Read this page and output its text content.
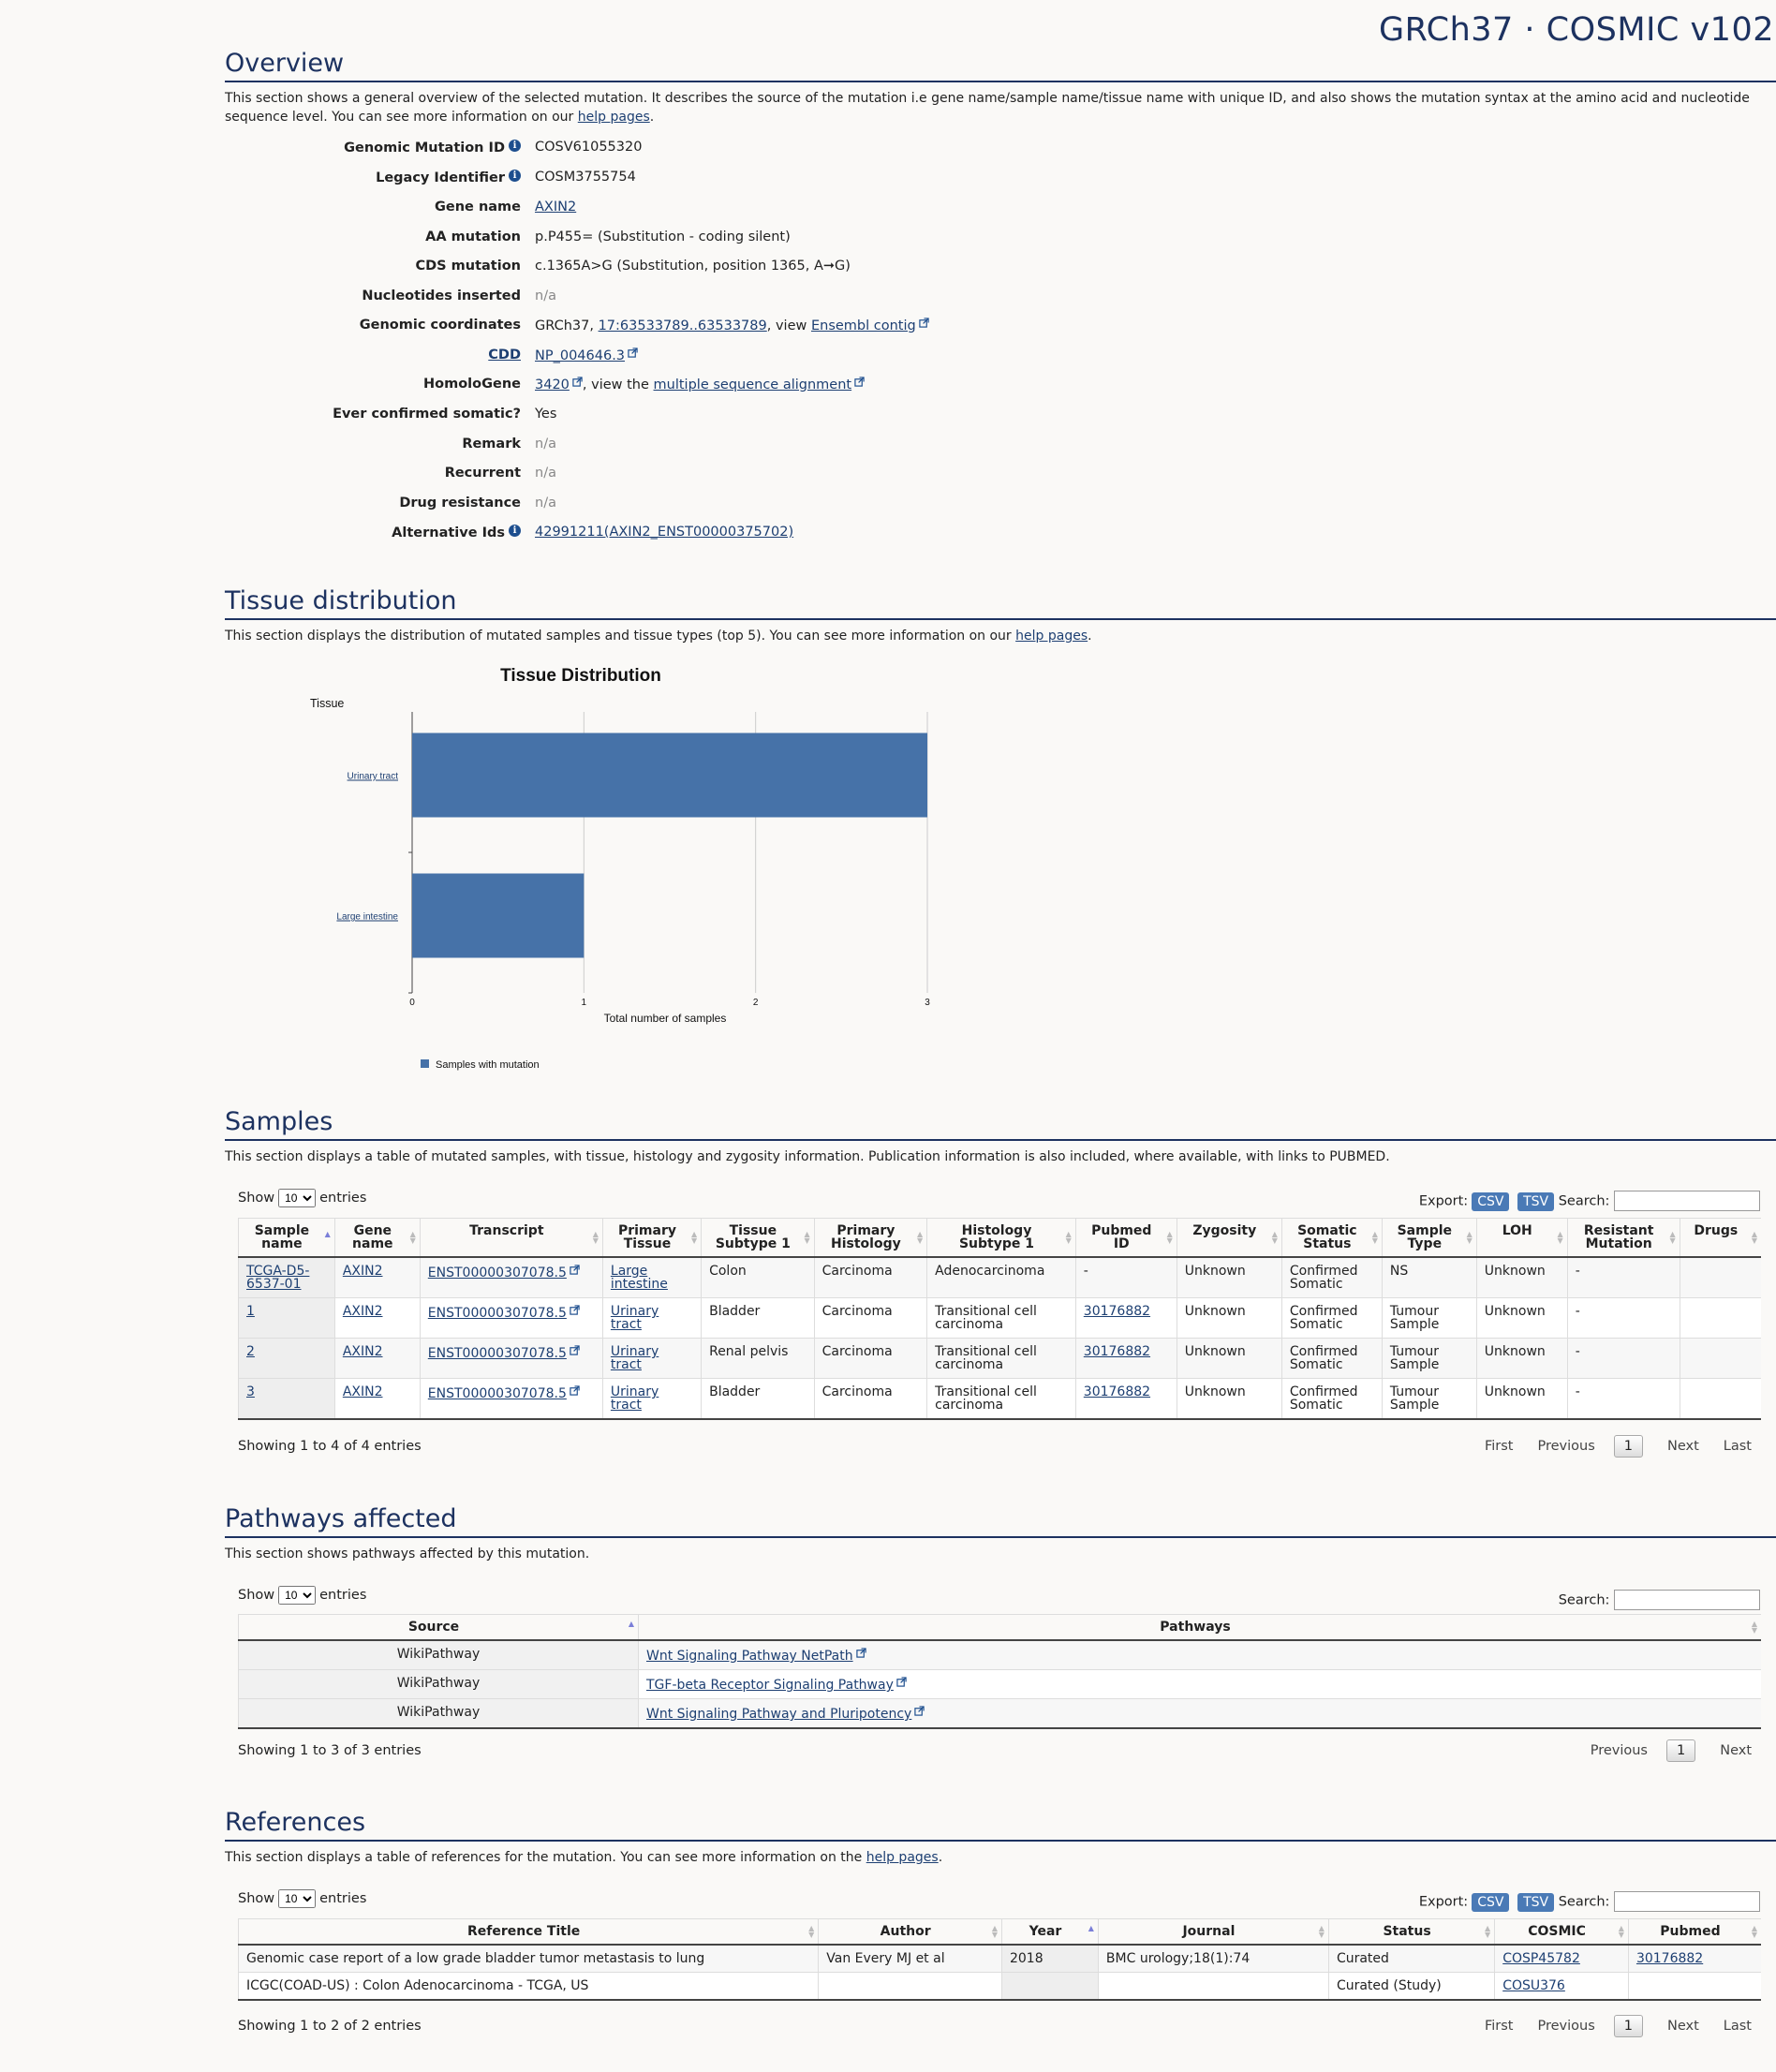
GRCh37 · COSMIC v102
Overview

This section shows a general overview of the selected mutation. It describes the source of the mutation i.e gene name/sample name/tissue name with unique ID, and also shows the mutation syntax at the amino acid and nucleotide sequence level. You can see more information on our help pages.

Genomic Mutation ID i	COSV61055320
Legacy Identifier i	COSM3755754
Gene name	AXIN2
AA mutation	p.P455= (Substitution - coding silent)
CDS mutation	c.1365A>G (Substitution, position 1365, A➞G)
Nucleotides inserted	n/a
Genomic coordinates	GRCh37, 17:63533789..63533789, view Ensembl contig
CDD	NP_004646.3
HomoloGene	3420 , view the multiple sequence alignment
Ever confirmed somatic?	Yes
Remark	n/a
Recurrent	n/a
Drug resistance	n/a
Alternative Ids i	42991211(AXIN2_ENST00000375702)
Tissue distribution

This section displays the distribution of mutated samples and tissue types (top 5). You can see more information on our help pages.

Tissue Distribution
Tissue
0	1	2	3
Total number of samples
Urinary tract
Large intestine
Samples with mutation
Samples

This section displays a table of mutated samples, with tissue, histology and zygosity information. Publication information is also included, where available, with links to PUBMED.

Show
10	entries	Export: CSV TSV Search:
Sample name
▲	Gene name
▲
▼	Transcript ▲
▼	Primary Tissue
▲
▼	Tissue Subtype 1
▲
▼	Primary Histology
▲
▼	Histology Subtype 1
▲
▼	Pubmed ID
▲
▼	Zygosity ▲
▼	Somatic Status
▲
▼	Sample Type
▲
▼	LOH ▲
▼	Resistant Mutation
▲
▼	Drugs ▲
▼

TCGA-D5-6537-01	AXIN2	ENST00000307078.5	Large intestine	Colon	Carcinoma	Adenocarcinoma	-	Unknown	Confirmed Somatic	NS	Unknown	-	
1	AXIN2	ENST00000307078.5	Urinary tract	Bladder	Carcinoma	Transitional cell carcinoma	30176882	Unknown	Confirmed Somatic	Tumour Sample	Unknown	-	
2	AXIN2	ENST00000307078.5	Urinary tract	Renal pelvis	Carcinoma	Transitional cell carcinoma	30176882	Unknown	Confirmed Somatic	Tumour Sample	Unknown	-	
3	AXIN2	ENST00000307078.5	Urinary tract	Bladder	Carcinoma	Transitional cell carcinoma	30176882	Unknown	Confirmed Somatic	Tumour Sample	Unknown	-	
Showing 1 to 4 of 4 entries	First Previous	1	Next Last
Pathways affected

This section shows pathways affected by this mutation.

Show
10	entries	Search:
Source ▲	Pathways ▲
▼

WikiPathway	Wnt Signaling Pathway NetPath
WikiPathway	TGF-beta Receptor Signaling Pathway
WikiPathway	Wnt Signaling Pathway and Pluripotency
Showing 1 to 3 of 3 entries	Previous	1	Next
References

This section displays a table of references for the mutation. You can see more information on the help pages.

Show
10	entries	Export: CSV TSV Search:
Reference Title ▲
▼	Author ▲
▼	Year ▲	Journal ▲
▼	Status ▲
▼	COSMIC ▲
▼	Pubmed ▲
▼

Genomic case report of a low grade bladder tumor metastasis to lung	Van Every MJ et al	2018	BMC urology;18(1):74	Curated	COSP45782	30176882
ICGC(COAD-US) : Colon Adenocarcinoma - TCGA, US				Curated (Study)	COSU376	
Showing 1 to 2 of 2 entries	First Previous	1	Next Last
